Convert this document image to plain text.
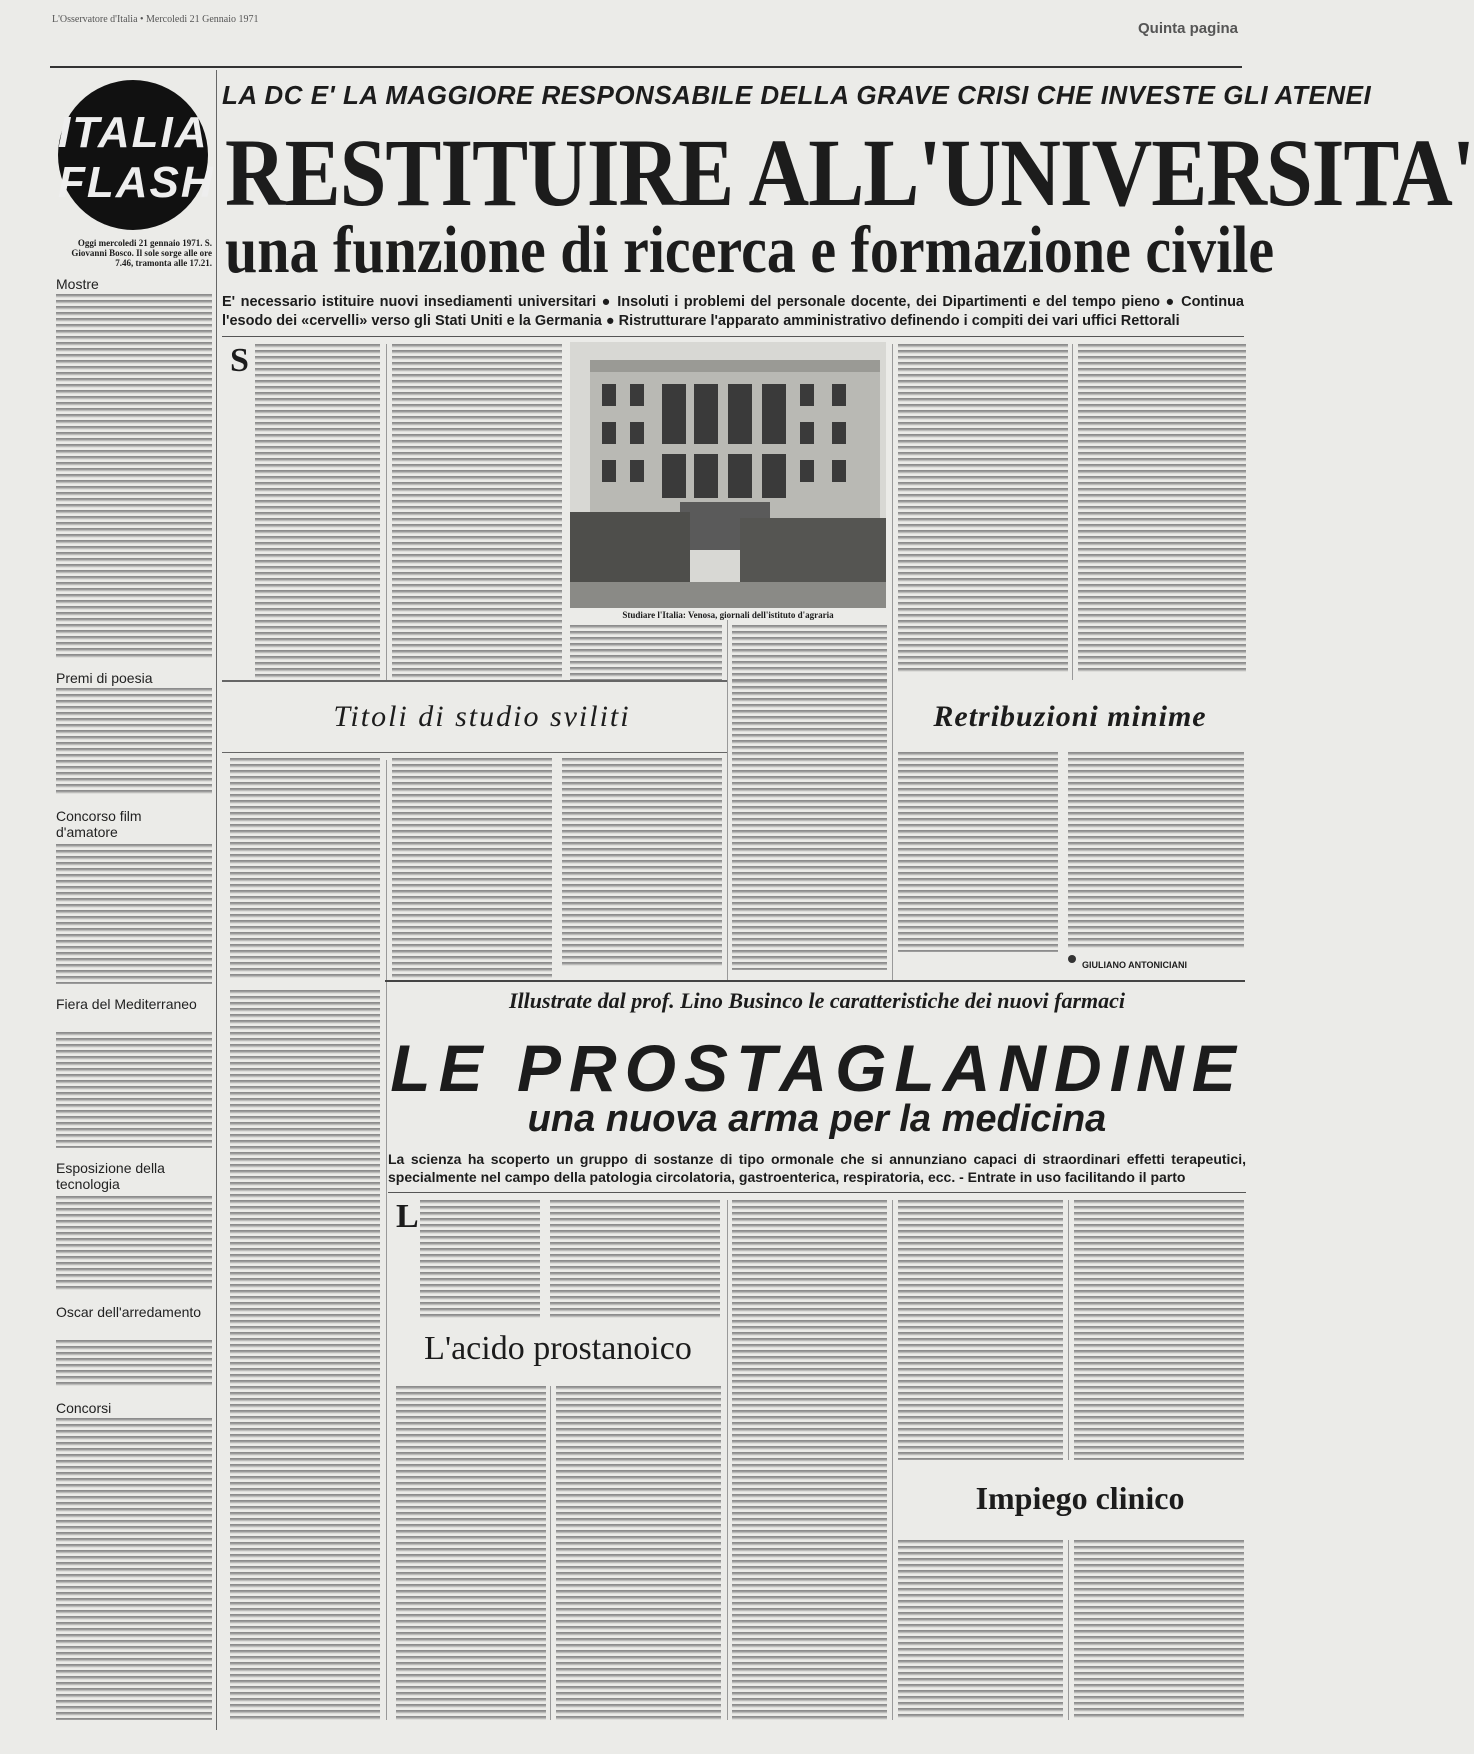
L'Osservatore d'Italia • Mercoledi 21 Gennaio 1971
Quinta pagina
ITALIA
FLASH
Oggi mercoledi 21 gennaio 1971. S. Giovanni Bosco. Il sole sorge alle ore 7.46, tramonta alle 17.21.
Mostre
Premi di poesia
Concorso film d'amatore
Fiera del Mediterraneo
Esposizione della tecnologia
Oscar dell'arredamento
Concorsi
LA DC E' LA MAGGIORE RESPONSABILE DELLA GRAVE CRISI CHE INVESTE GLI ATENEI
RESTITUIRE ALL'UNIVERSITA'
una funzione di ricerca e formazione civile
E' necessario istituire nuovi insediamenti universitari ● Insoluti i problemi del personale docente, dei Dipartimenti e del tempo pieno ● Continua l'esodo dei «cervelli» verso gli Stati Uniti e la Germania ● Ristrutturare l'apparato amministrativo definendo i compiti dei vari uffici Rettorali
S
Studiare l'Italia: Venosa, giornali dell'istituto d'agraria
Titoli di studio sviliti	Retribuzioni minime
GIULIANO ANTONICIANI
Illustrate dal prof. Lino Businco le caratteristiche dei nuovi farmaci
LE PROSTAGLANDINE
una nuova arma per la medicina
La scienza ha scoperto un gruppo di sostanze di tipo ormonale che si annunziano capaci di straordinari effetti terapeutici, specialmente nel campo della patologia circolatoria, gastroenterica, respiratoria, ecc. - Entrate in uso facilitando il parto
L
L'acido prostanoico
Impiego clinico
